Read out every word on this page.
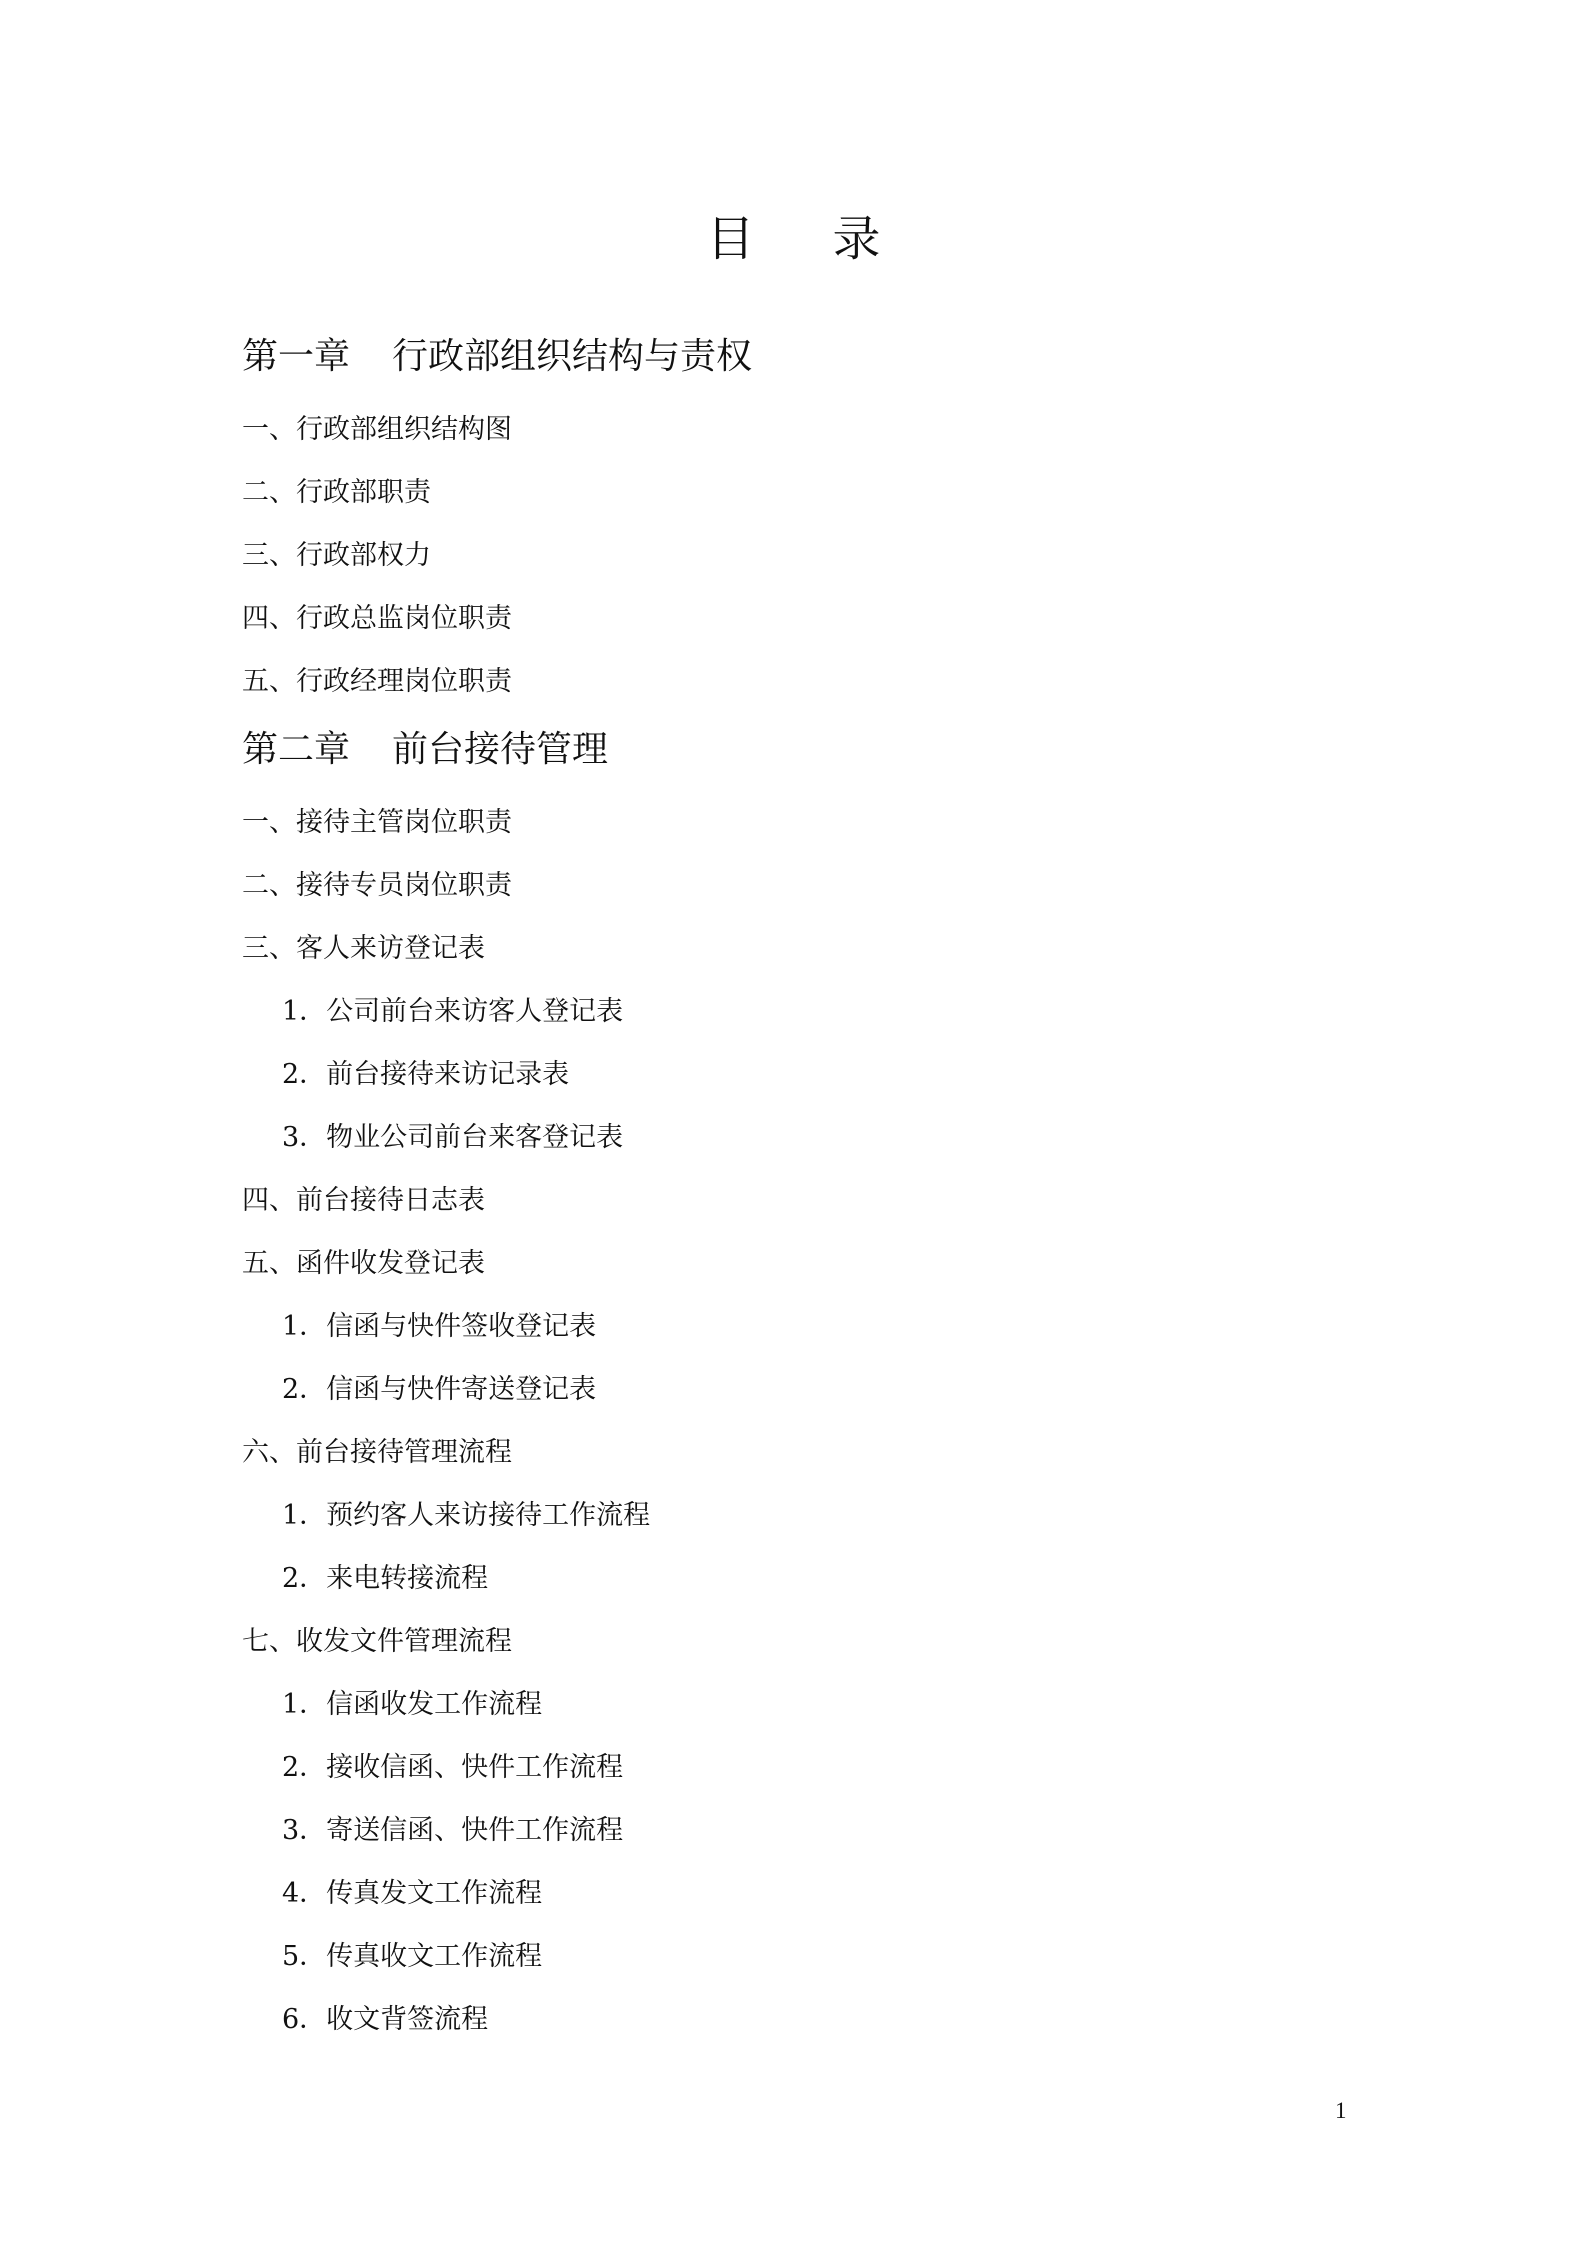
目录
第一章 行政部组织结构与责权
一、行政部组织结构图
二、行政部职责
三、行政部权力
四、行政总监岗位职责
五、行政经理岗位职责
第二章 前台接待管理
一、接待主管岗位职责
二、接待专员岗位职责
三、客人来访登记表
1．公司前台来访客人登记表
2．前台接待来访记录表
3．物业公司前台来客登记表
四、前台接待日志表
五、函件收发登记表
1．信函与快件签收登记表
2．信函与快件寄送登记表
六、前台接待管理流程
1．预约客人来访接待工作流程
2．来电转接流程
七、收发文件管理流程
1．信函收发工作流程
2．接收信函、快件工作流程
3．寄送信函、快件工作流程
4．传真发文工作流程
5．传真收文工作流程
6．收文背签流程
1
